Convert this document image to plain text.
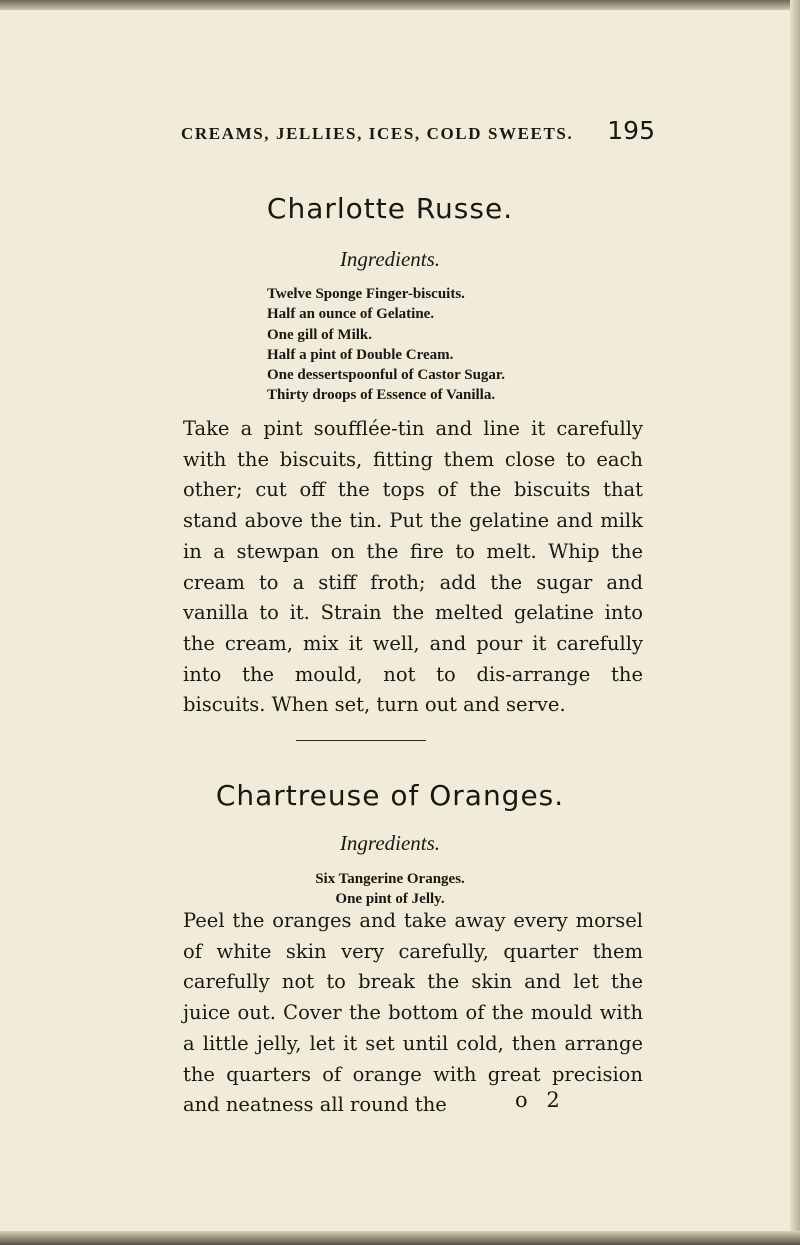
CREAMS, JELLIES, ICES, COLD SWEETS. 195
Charlotte Russe.
Ingredients.
Twelve Sponge Finger-biscuits.
Half an ounce of Gelatine.
One gill of Milk.
Half a pint of Double Cream.
One dessertspoonful of Castor Sugar.
Thirty droops of Essence of Vanilla.

Take a pint soufflée-tin and line it carefully with the biscuits, fitting them close to each other; cut off the tops of the biscuits that stand above the tin. Put the gelatine and milk in a stewpan on the fire to melt. Whip the cream to a stiff froth; add the sugar and vanilla to it. Strain the melted gelatine into the cream, mix it well, and pour it carefully into the mould, not to dis-arrange the biscuits. When set, turn out and serve.

Chartreuse of Oranges.
Ingredients.
Six Tangerine Oranges.
One pint of Jelly.

Peel the oranges and take away every morsel of white skin very carefully, quarter them carefully not to break the skin and let the juice out. Cover the bottom of the mould with a little jelly, let it set until cold, then arrange the quarters of orange with great precision and neatness all round the	o 2
